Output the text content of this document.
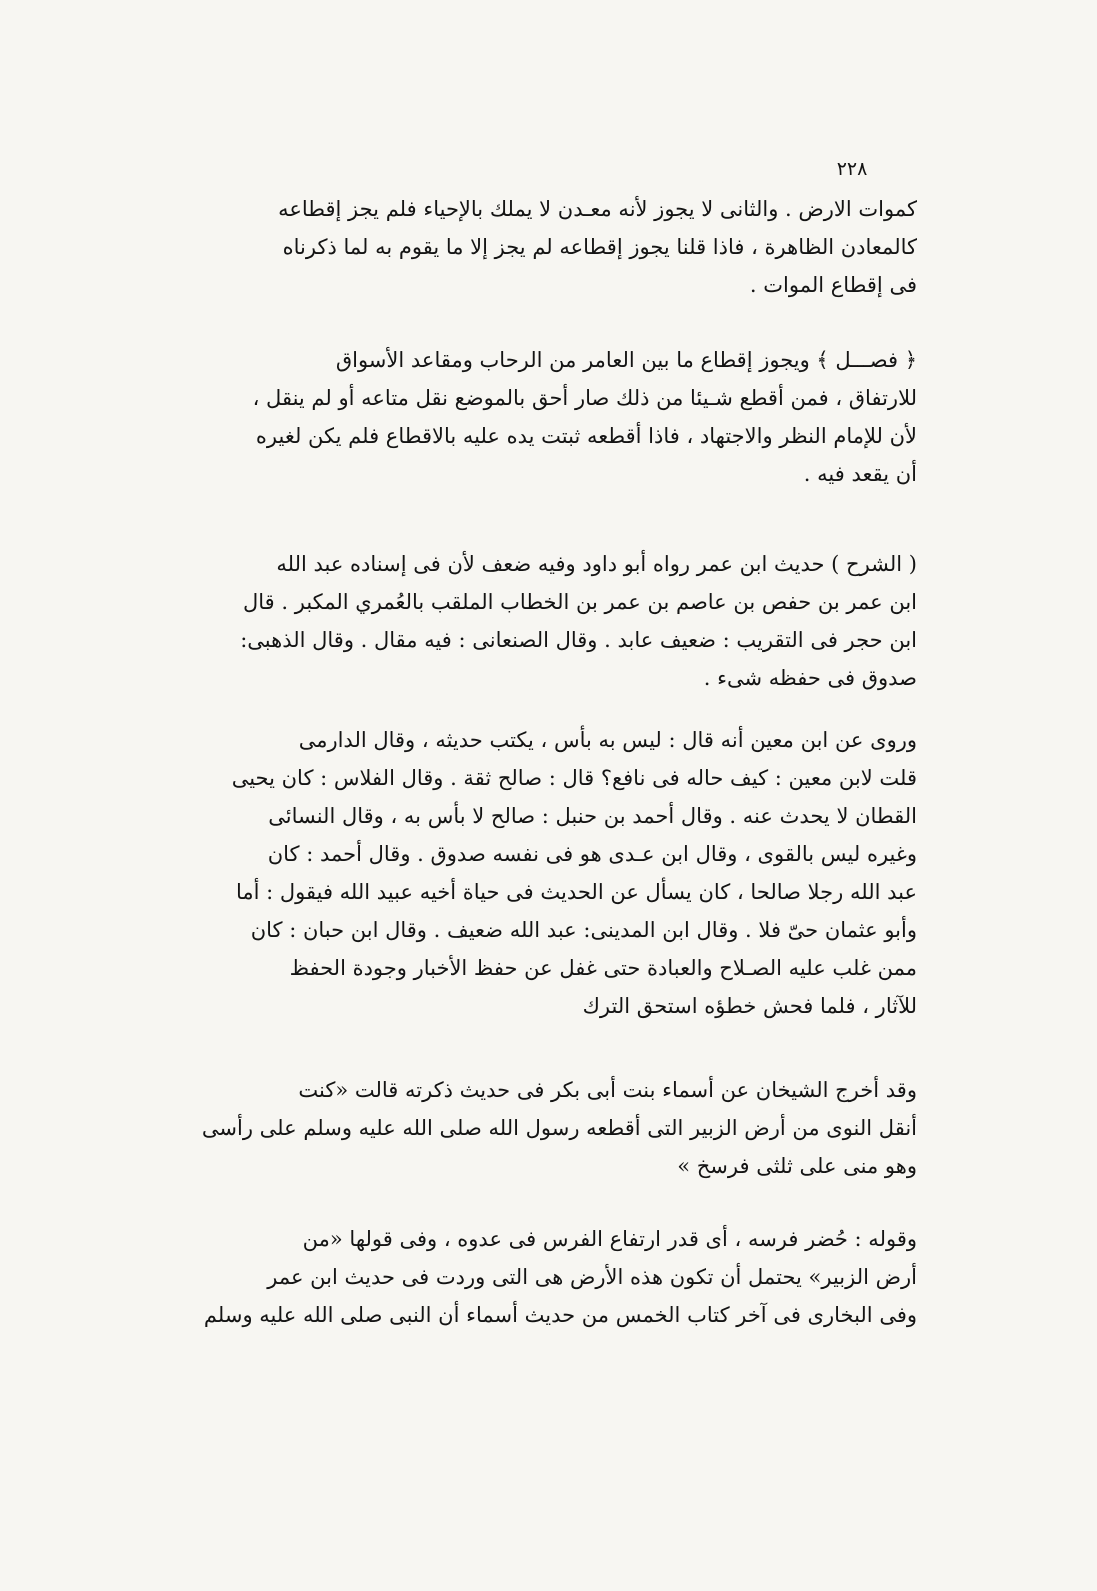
٢٢٨

كموات الارض . والثانى لا يجوز لأنه معـدن لا يملك بالإحياء فلم يجز إقطاعه
كالمعادن الظاهرة ، فاذا قلنا يجوز إقطاعه لم يجز إلا ما يقوم به لما ذكرناه
فى إقطاع الموات .

﴿ فصـــل ﴾ ويجوز إقطاع ما بين العامر من الرحاب ومقاعد الأسواق
للارتفاق ، فمن أقطع شـيئا من ذلك صار أحق بالموضع نقل متاعه أو لم ينقل ،
لأن للإمام النظر والاجتهاد ، فاذا أقطعه ثبتت يده عليه بالاقطاع فلم يكن لغيره
أن يقعد فيه .

( الشرح ) حديث ابن عمر رواه أبو داود وفيه ضعف لأن فى إسناده عبد الله
ابن عمر بن حفص بن عاصم بن عمر بن الخطاب الملقب بالعُمري المكبر . قال
ابن حجر فى التقريب : ضعيف عابد . وقال الصنعانى : فيه مقال . وقال الذهبى:
صدوق فى حفظه شىء .

وروى عن ابن معين أنه قال : ليس به بأس ، يكتب حديثه ، وقال الدارمى
قلت لابن معين : كيف حاله فى نافع؟ قال : صالح ثقة . وقال الفلاس : كان يحيى
القطان لا يحدث عنه . وقال أحمد بن حنبل : صالح لا بأس به ، وقال النسائى
وغيره ليس بالقوى ، وقال ابن عـدى هو فى نفسه صدوق . وقال أحمد : كان
عبد الله رجلا صالحا ، كان يسأل عن الحديث فى حياة أخيه عبيد الله فيقول : أما
وأبو عثمان حىّ فلا . وقال ابن المدينى: عبد الله ضعيف . وقال ابن حبان : كان
ممن غلب عليه الصـلاح والعبادة حتى غفل عن حفظ الأخبار وجودة الحفظ
للآثار ، فلما فحش خطؤه استحق الترك

وقد أخرج الشيخان عن أسماء بنت أبى بكر فى حديث ذكرته قالت «كنت
أنقل النوى من أرض الزبير التى أقطعه رسول الله صلى الله عليه وسلم على رأسى
وهو منى على ثلثى فرسخ »

وقوله : حُضر فرسه ، أى قدر ارتفاع الفرس فى عدوه ، وفى قولها «من
أرض الزبير» يحتمل أن تكون هذه الأرض هى التى وردت فى حديث ابن عمر
وفى البخارى فى آخر كتاب الخمس من حديث أسماء أن النبى صلى الله عليه وسلم
